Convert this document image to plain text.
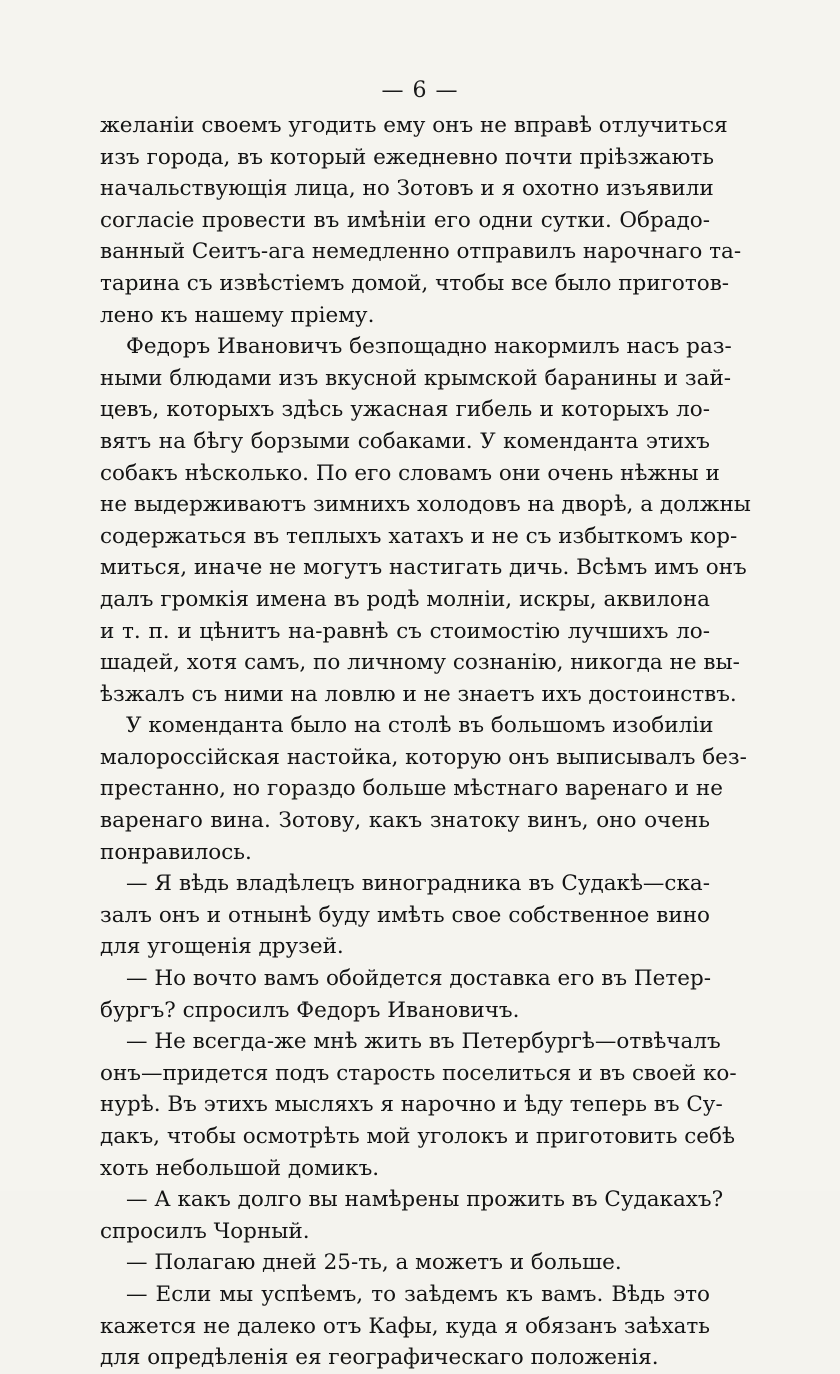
— 6 —
желаніи своемъ угодить ему онъ не вправѣ отлучиться
изъ города, въ который ежедневно почти пріѣзжають
начальствующія лица, но Зотовъ и я охотно изъявили
согласіе провести въ имѣніи его одни сутки. Обрадо-
ванный Сеитъ-ага немедленно отправилъ нарочнаго та-
тарина съ извѣстіемъ домой, чтобы все было приготов-
лено къ нашему пріему.
Федоръ Ивановичъ безпощадно накормилъ насъ раз-
ными блюдами изъ вкусной крымской баранины и зай-
цевъ, которыхъ здѣсь ужасная гибель и которыхъ ло-
вятъ на бѣгу борзыми собаками. У коменданта этихъ
собакъ нѣсколько. По его словамъ они очень нѣжны и
не выдерживаютъ зимнихъ холодовъ на дворѣ, а должны
содержаться въ теплыхъ хатахъ и не съ избыткомъ кор-
миться, иначе не могутъ настигать дичь. Всѣмъ имъ онъ
далъ громкія имена въ родѣ молніи, искры, аквилона
и т. п. и цѣнитъ на-равнѣ съ стоимостію лучшихъ ло-
шадей, хотя самъ, по личному сознанію, никогда не вы-
ѣзжалъ съ ними на ловлю и не знаетъ ихъ достоинствъ.
У коменданта было на столѣ въ большомъ изобиліи
малороссійская настойка, которую онъ выписывалъ без-
престанно, но гораздо больше мѣстнаго варенаго и не
варенаго вина. Зотову, какъ знатоку винъ, оно очень
понравилось.
— Я вѣдь владѣлецъ виноградника въ Судакѣ—ска-
залъ онъ и отнынѣ буду имѣть свое собственное вино
для угощенія друзей.
— Но вочто вамъ обойдется доставка его въ Петер-
бургъ? спросилъ Федоръ Ивановичъ.
— Не всегда-же мнѣ жить въ Петербургѣ—отвѣчалъ
онъ—придется подъ старость поселиться и въ своей ко-
нурѣ. Въ этихъ мысляхъ я нарочно и ѣду теперь въ Су-
дакъ, чтобы осмотрѣть мой уголокъ и приготовить себѣ
хоть небольшой домикъ.
— А какъ долго вы намѣрены прожить въ Судакахъ?
спросилъ Чорный.
— Полагаю дней 25-ть, а можетъ и больше.
— Если мы успѣемъ, то заѣдемъ къ вамъ. Вѣдь это
кажется не далеко отъ Кафы, куда я обязанъ заѣхать
для опредѣленія ея географическаго положенія.
